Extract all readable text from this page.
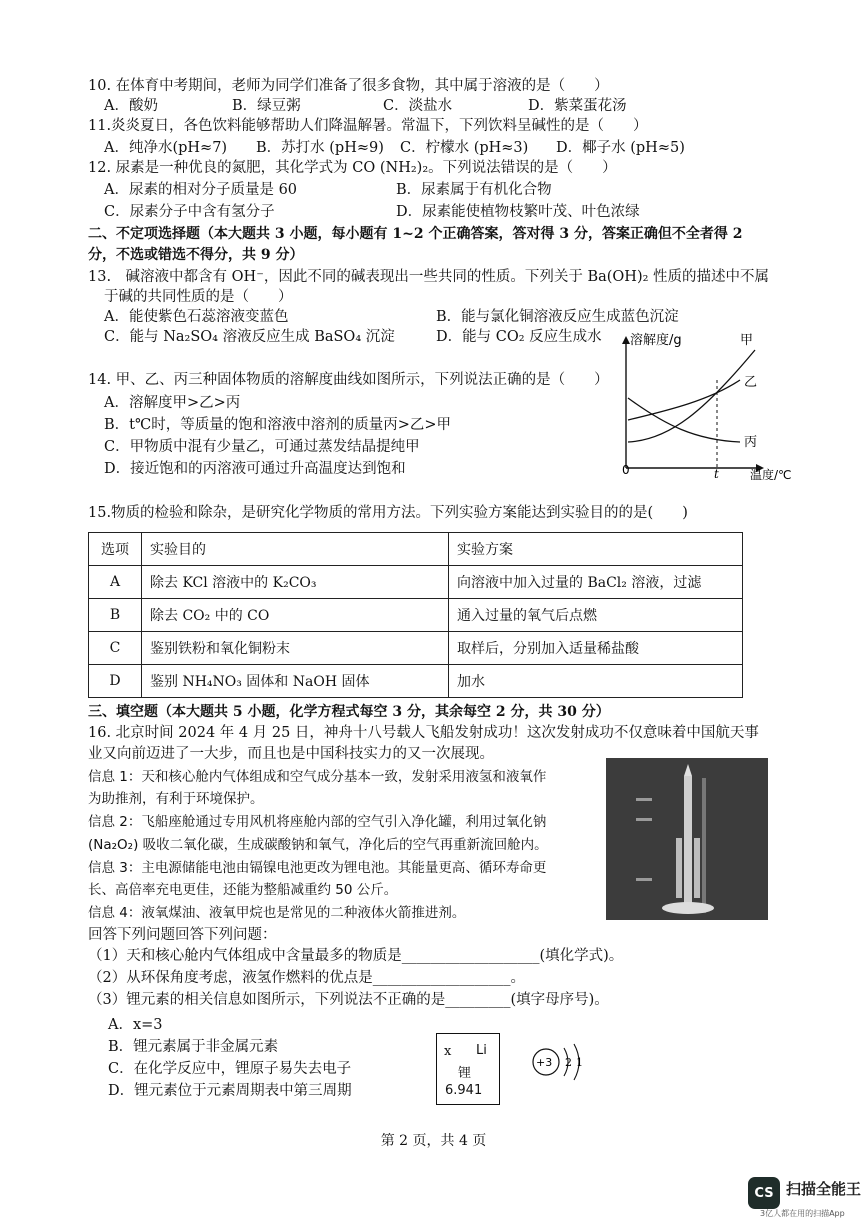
10. 在体育中考期间，老师为同学们准备了很多食物，其中属于溶液的是（　　）
A．酸奶	B．绿豆粥	C．淡盐水	D．紫菜蛋花汤
11.炎炎夏日，各色饮料能够帮助人们降温解暑。常温下，下列饮料呈碱性的是（　　）
A．纯净水(pH≈7) B．苏打水 (pH≈9) C．柠檬水 (pH≈3) D．椰子水 (pH≈5)
12. 尿素是一种优良的氮肥，其化学式为 CO (NH₂)₂。下列说法错误的是（　　）
A．尿素的相对分子质量是 60	B．尿素属于有机化合物
C．尿素分子中含有氢分子	D．尿素能使植物枝繁叶茂、叶色浓绿
二、不定项选择题（本大题共 3 小题，每小题有 1~2 个正确答案，答对得 3 分，答案正确但不全者得 2
分，不选或错选不得分，共 9 分）
13.　碱溶液中都含有 OH⁻，因此不同的碱表现出一些共同的性质。下列关于 Ba(OH)₂ 性质的描述中不属
于碱的共同性质的是（　　）
A．能使紫色石蕊溶液变蓝色	B．能与氯化铜溶液反应生成蓝色沉淀
C．能与 Na₂SO₄ 溶液反应生成 BaSO₄ 沉淀	D．能与 CO₂ 反应生成水
14. 甲、乙、丙三种固体物质的溶解度曲线如图所示，下列说法正确的是（　　）
A．溶解度甲>乙>丙
B．t℃时，等质量的饱和溶液中溶剂的质量丙>乙>甲
C．甲物质中混有少量乙，可通过蒸发结晶提纯甲
D．接近饱和的丙溶液可通过升高温度达到饱和
溶解度/g	甲
乙
丙
0	t	温度/℃
15.物质的检验和除杂，是研究化学物质的常用方法。下列实验方案能达到实验目的的是(　　)
选项	实验目的	实验方案
A	除去 KCl 溶液中的 K₂CO₃	向溶液中加入过量的 BaCl₂ 溶液，过滤
B	除去 CO₂ 中的 CO	通入过量的氧气后点燃
C	鉴别铁粉和氧化铜粉末	取样后，分别加入适量稀盐酸
D	鉴别 NH₄NO₃ 固体和 NaOH 固体	加水
三、填空题（本大题共 5 小题，化学方程式每空 3 分，其余每空 2 分，共 30 分）
16. 北京时间 2024 年 4 月 25 日，神舟十八号载人飞船发射成功！这次发射成功不仅意味着中国航天事
业又向前迈进了一大步，而且也是中国科技实力的又一次展现。
信息 1：天和核心舱内气体组成和空气成分基本一致，发射采用液氢和液氧作
为助推剂，有利于环境保护。
信息 2：飞船座舱通过专用风机将座舱内部的空气引入净化罐，利用过氧化钠
(Na₂O₂) 吸收二氧化碳，生成碳酸钠和氧气，净化后的空气再重新流回舱内。
信息 3：主电源储能电池由镉镍电池更改为锂电池。其能量更高、循环寿命更
长、高倍率充电更佳，还能为整船减重约 50 公斤。
信息 4：液氧煤油、液氧甲烷也是常见的二种液体火箭推进剂。
回答下列问题回答下列问题：
（1）天和核心舱内气体组成中含量最多的物质是___________________(填化学式)。
（2）从环保角度考虑，液氢作燃料的优点是___________________。
（3）锂元素的相关信息如图所示，下列说法不正确的是_________(填字母序号)。
A．x=3
B．锂元素属于非金属元素
C．在化学反应中，锂原子易失去电子
D．锂元素位于元素周期表中第三周期
x Li
锂
6.941
+3 2 1
第 2 页，共 4 页
CS 扫描全能王
3亿人都在用的扫描App
